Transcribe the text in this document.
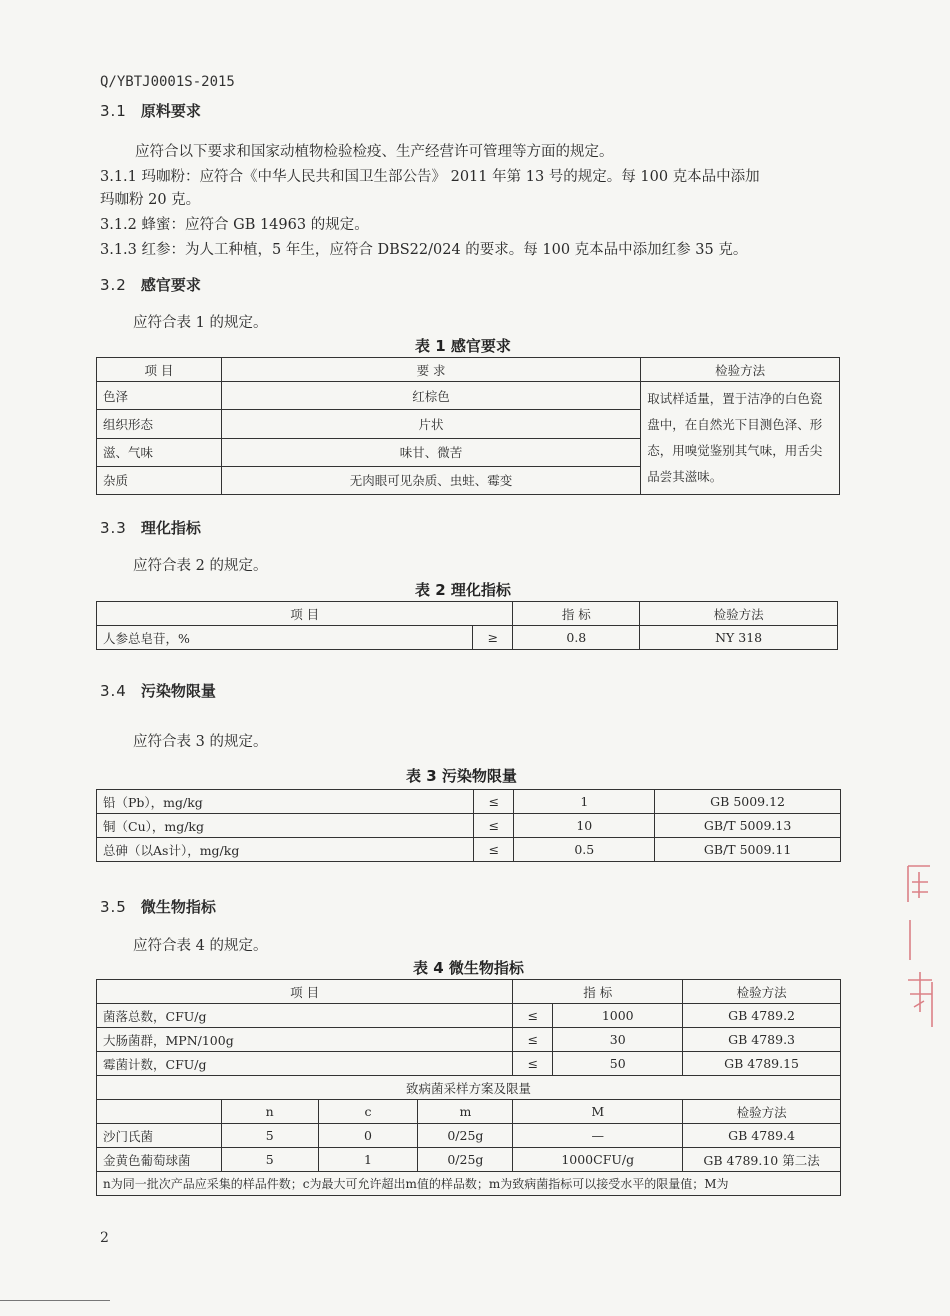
Q/YBTJ0001S-2015
3.1 原料要求
应符合以下要求和国家动植物检验检疫、生产经营许可管理等方面的规定。
3.1.1 玛咖粉：应符合《中华人民共和国卫生部公告》 2011 年第 13 号的规定。每 100 克本品中添加
玛咖粉 20 克。
3.1.2 蜂蜜：应符合 GB 14963 的规定。
3.1.3 红参：为人工种植，5 年生，应符合 DBS22/024 的要求。每 100 克本品中添加红参 35 克。
3.2 感官要求
应符合表 1 的规定。
表 1 感官要求
项 目	要 求	检验方法
色泽	红棕色	取试样适量，置于洁净的白色瓷盘中，在自然光下目测色泽、形态，用嗅觉鉴别其气味，用舌尖品尝其滋味。
组织形态	片状	
滋、气味	味甘、微苦	
杂质	无肉眼可见杂质、虫蛀、霉变	
3.3 理化指标
应符合表 2 的规定。
表 2 理化指标
项 目		指 标	检验方法
人参总皂苷，%	≥	0.8	NY 318
3.4 污染物限量
应符合表 3 的规定。
表 3 污染物限量
铅（Pb），mg/kg	≤	1	GB 5009.12
铜（Cu），mg/kg	≤	10	GB/T 5009.13
总砷（以As计），mg/kg	≤	0.5	GB/T 5009.11
3.5 微生物指标
应符合表 4 的规定。
表 4 微生物指标
项 目				指 标		检验方法
菌落总数，CFU/g				≤	1000	GB 4789.2
大肠菌群，MPN/100g				≤	30	GB 4789.3
霉菌计数，CFU/g				≤	50	GB 4789.15
致病菌采样方案及限量						
	n	c	m	M		检验方法
沙门氏菌	5	0	0/25g	—		GB 4789.4
金黄色葡萄球菌	5	1	0/25g	1000CFU/g		GB 4789.10 第二法
n为同一批次产品应采集的样品件数；c为最大可允许超出m值的样品数；m为致病菌指标可以接受水平的限量值；M为						
2
